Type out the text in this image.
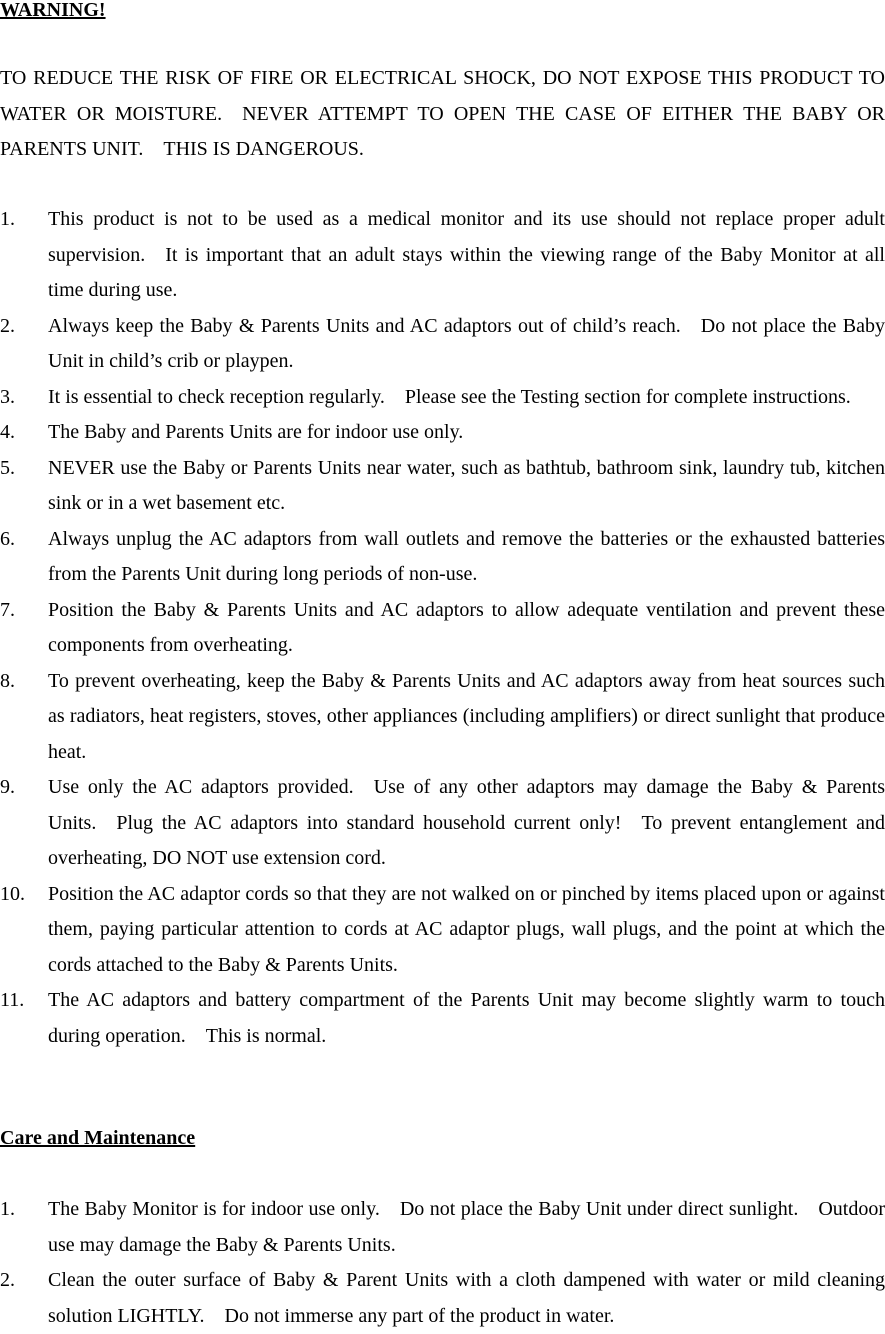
WARNING!

TO REDUCE THE RISK OF FIRE OR ELECTRICAL SHOCK, DO NOT EXPOSE THIS PRODUCT TO WATER OR MOISTURE. NEVER ATTEMPT TO OPEN THE CASE OF EITHER THE BABY OR PARENTS UNIT. THIS IS DANGEROUS.

1.	This product is not to be used as a medical monitor and its use should not replace proper adult supervision. It is important that an adult stays within the viewing range of the Baby Monitor at all time during use.
2.	Always keep the Baby & Parents Units and AC adaptors out of child’s reach. Do not place the Baby Unit in child’s crib or playpen.
3.	It is essential to check reception regularly. Please see the Testing section for complete instructions.
4.	The Baby and Parents Units are for indoor use only.
5.	NEVER use the Baby or Parents Units near water, such as bathtub, bathroom sink, laundry tub, kitchen sink or in a wet basement etc.
6.	Always unplug the AC adaptors from wall outlets and remove the batteries or the exhausted batteries from the Parents Unit during long periods of non-use.
7.	Position the Baby & Parents Units and AC adaptors to allow adequate ventilation and prevent these components from overheating.
8.	To prevent overheating, keep the Baby & Parents Units and AC adaptors away from heat sources such as radiators, heat registers, stoves, other appliances (including amplifiers) or direct sunlight that produce heat.
9.	Use only the AC adaptors provided. Use of any other adaptors may damage the Baby & Parents Units. Plug the AC adaptors into standard household current only! To prevent entanglement and overheating, DO NOT use extension cord.
10.	Position the AC adaptor cords so that they are not walked on or pinched by items placed upon or against them, paying particular attention to cords at AC adaptor plugs, wall plugs, and the point at which the cords attached to the Baby & Parents Units.
11.	The AC adaptors and battery compartment of the Parents Unit may become slightly warm to touch during operation. This is normal.
Care and Maintenance
1.	The Baby Monitor is for indoor use only. Do not place the Baby Unit under direct sunlight. Outdoor use may damage the Baby & Parents Units.
2.	Clean the outer surface of Baby & Parent Units with a cloth dampened with water or mild cleaning solution LIGHTLY. Do not immerse any part of the product in water.
